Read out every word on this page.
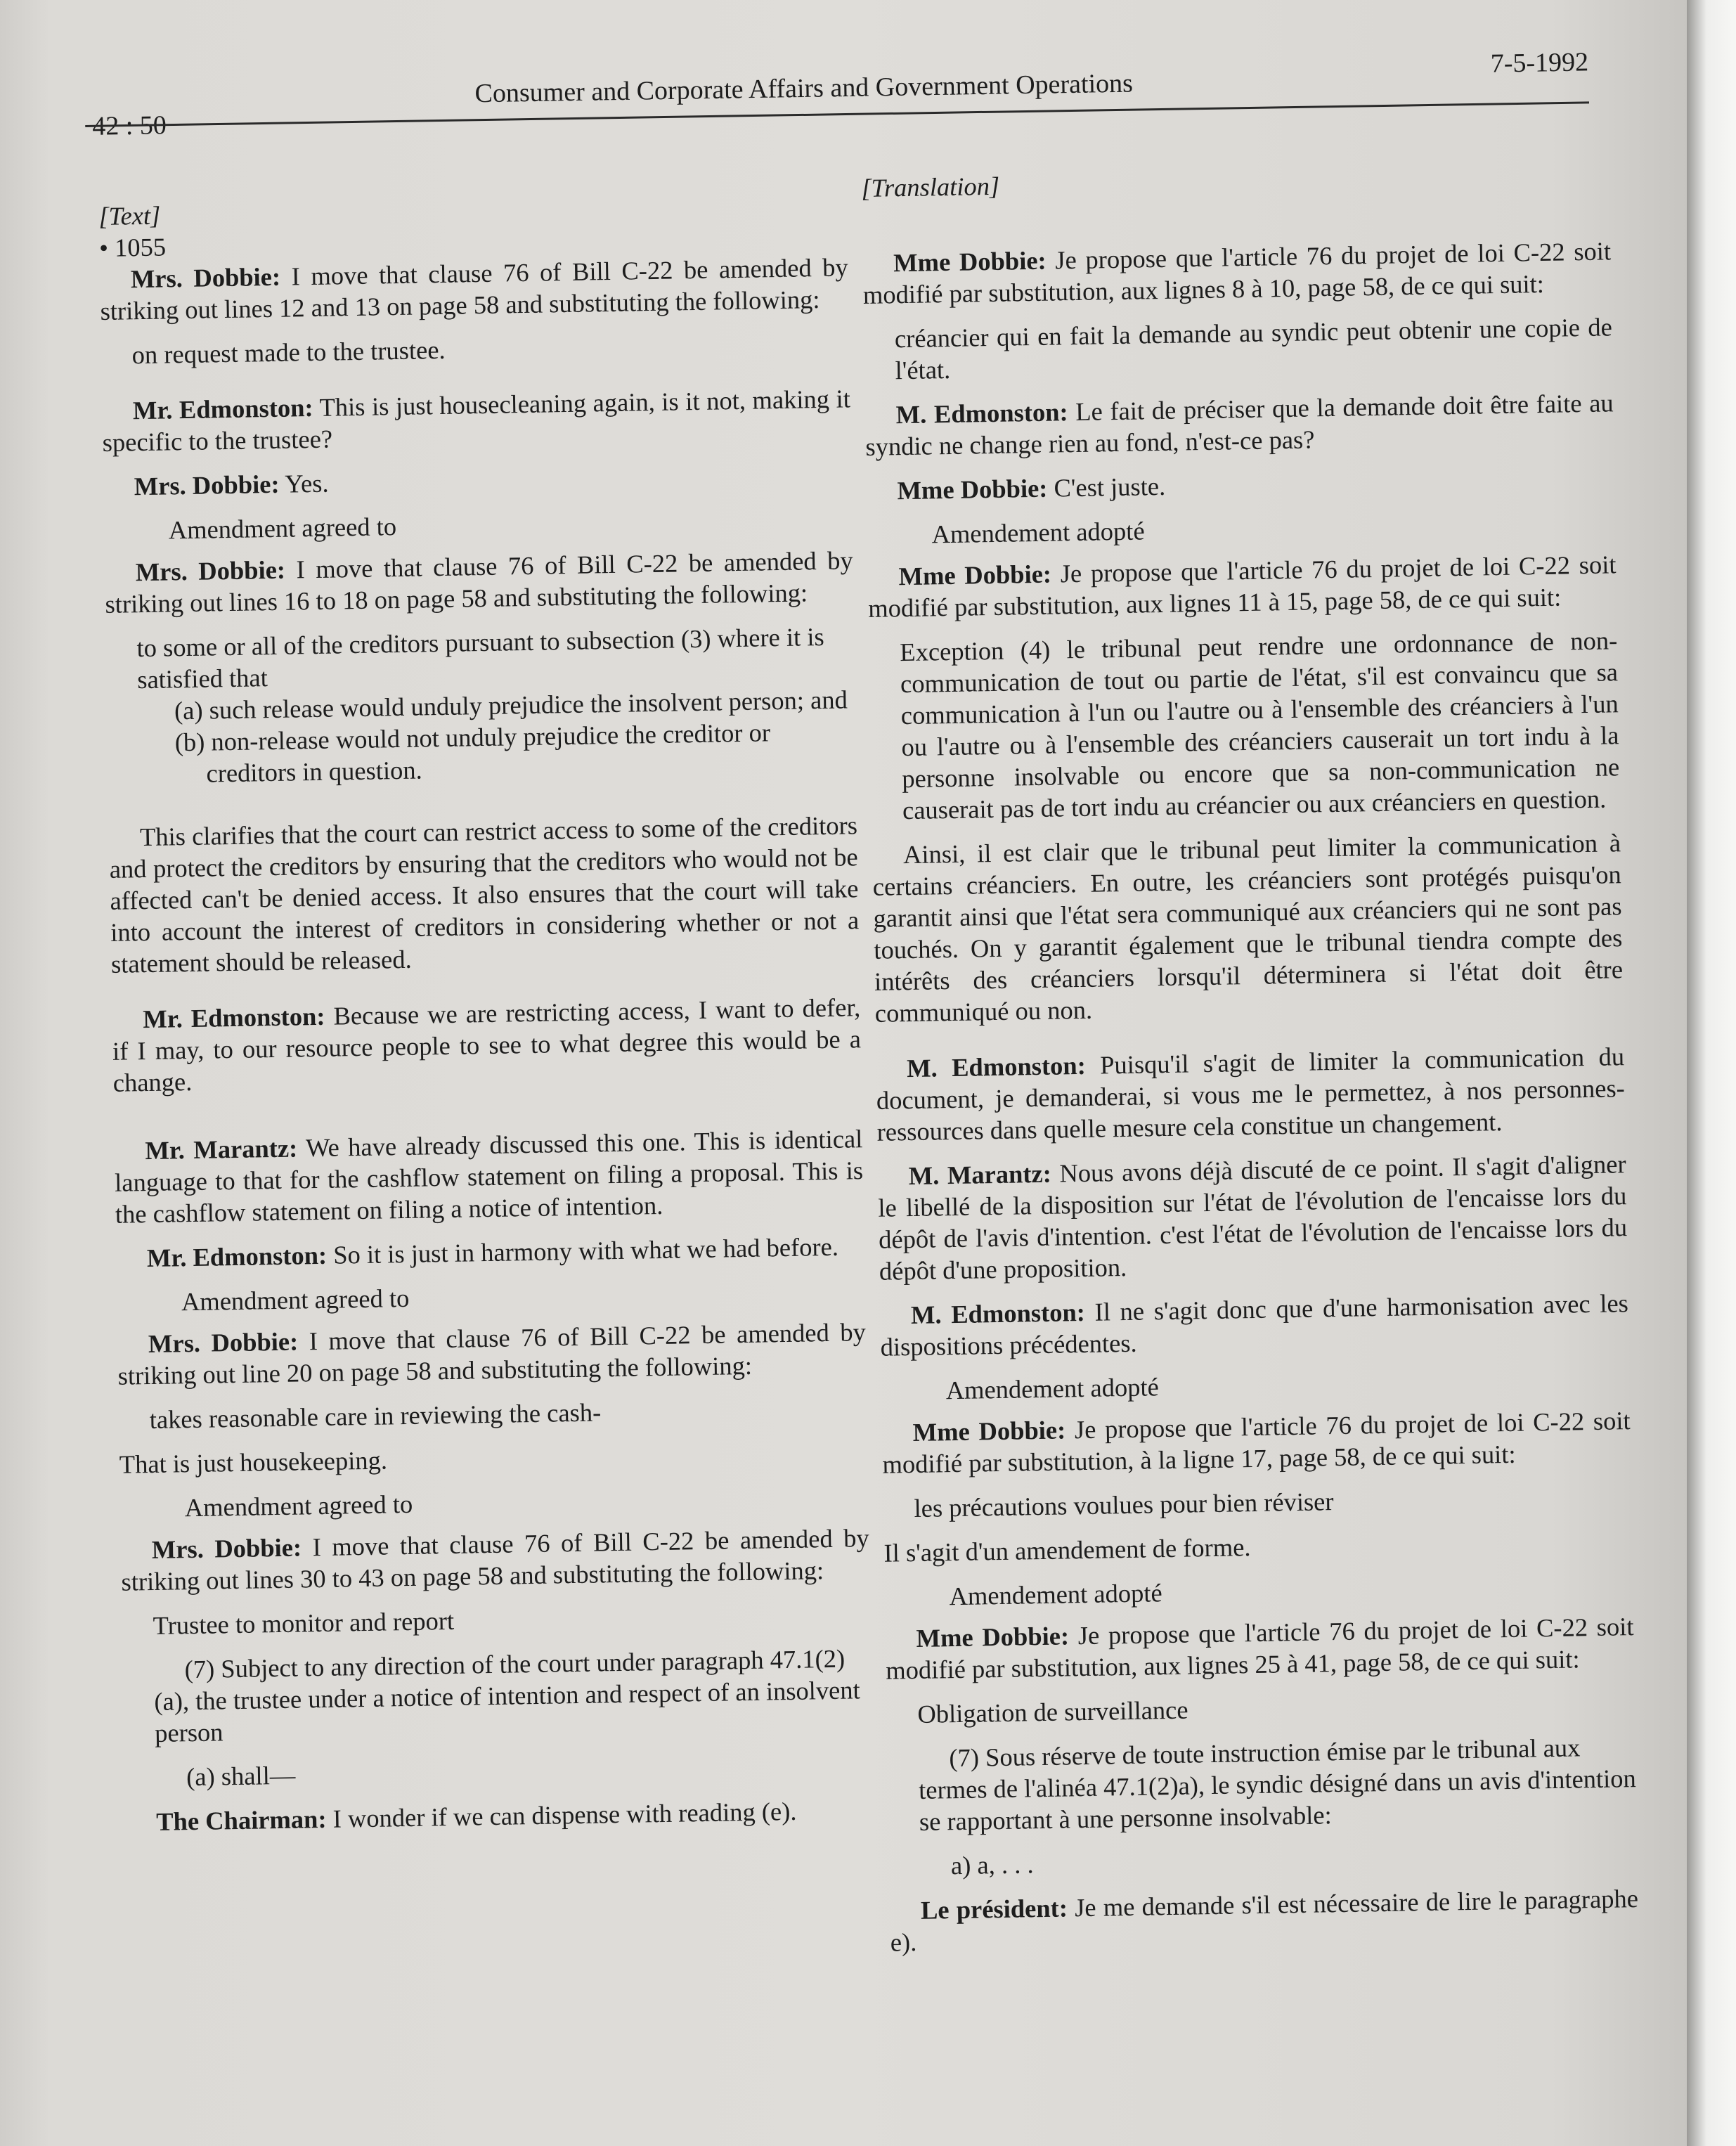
42 : 50
Consumer and Corporate Affairs and Government Operations
7-5-1992

[Text]

• 1055

Mrs. Dobbie: I move that clause 76 of Bill C-22 be amended by striking out lines 12 and 13 on page 58 and substituting the following:

on request made to the trustee.

Mr. Edmonston: This is just housecleaning again, is it not, making it specific to the trustee?

Mrs. Dobbie: Yes.

Amendment agreed to

Mrs. Dobbie: I move that clause 76 of Bill C-22 be amended by striking out lines 16 to 18 on page 58 and substituting the following:

to some or all of the creditors pursuant to subsection (3) where it is satisfied that

(a) such release would unduly prejudice the insolvent person; and

(b) non-release would not unduly prejudice the creditor or creditors in question.

This clarifies that the court can restrict access to some of the creditors and protect the creditors by ensuring that the creditors who would not be affected can't be denied access. It also ensures that the court will take into account the interest of creditors in considering whether or not a statement should be released.

Mr. Edmonston: Because we are restricting access, I want to defer, if I may, to our resource people to see to what degree this would be a change.

Mr. Marantz: We have already discussed this one. This is identical language to that for the cashflow statement on filing a proposal. This is the cashflow statement on filing a notice of intention.

Mr. Edmonston: So it is just in harmony with what we had before.

Amendment agreed to

Mrs. Dobbie: I move that clause 76 of Bill C-22 be amended by striking out line 20 on page 58 and substituting the following:

takes reasonable care in reviewing the cash-

That is just housekeeping.

Amendment agreed to

Mrs. Dobbie: I move that clause 76 of Bill C-22 be amended by striking out lines 30 to 43 on page 58 and substituting the following:

Trustee to monitor and report

(7) Subject to any direction of the court under paragraph 47.1(2)(a), the trustee under a notice of intention and respect of an insolvent person

(a) shall—

The Chairman: I wonder if we can dispense with reading (e).

[Translation]

Mme Dobbie: Je propose que l'article 76 du projet de loi C-22 soit modifié par substitution, aux lignes 8 à 10, page 58, de ce qui suit:

créancier qui en fait la demande au syndic peut obtenir une copie de l'état.

M. Edmonston: Le fait de préciser que la demande doit être faite au syndic ne change rien au fond, n'est-ce pas?

Mme Dobbie: C'est juste.

Amendement adopté

Mme Dobbie: Je propose que l'article 76 du projet de loi C-22 soit modifié par substitution, aux lignes 11 à 15, page 58, de ce qui suit:

Exception (4) le tribunal peut rendre une ordonnance de non-communication de tout ou partie de l'état, s'il est convaincu que sa communication à l'un ou l'autre ou à l'ensemble des créanciers à l'un ou l'autre ou à l'ensemble des créanciers causerait un tort indu à la personne insolvable ou encore que sa non-communication ne causerait pas de tort indu au créancier ou aux créanciers en question.

Ainsi, il est clair que le tribunal peut limiter la communication à certains créanciers. En outre, les créanciers sont protégés puisqu'on garantit ainsi que l'état sera communiqué aux créanciers qui ne sont pas touchés. On y garantit également que le tribunal tiendra compte des intérêts des créanciers lorsqu'il déterminera si l'état doit être communiqué ou non.

M. Edmonston: Puisqu'il s'agit de limiter la communication du document, je demanderai, si vous me le permettez, à nos personnes-ressources dans quelle mesure cela constitue un changement.

M. Marantz: Nous avons déjà discuté de ce point. Il s'agit d'aligner le libellé de la disposition sur l'état de l'évolution de l'encaisse lors du dépôt de l'avis d'intention. c'est l'état de l'évolution de l'encaisse lors du dépôt d'une proposition.

M. Edmonston: Il ne s'agit donc que d'une harmonisation avec les dispositions précédentes.

Amendement adopté

Mme Dobbie: Je propose que l'article 76 du projet de loi C-22 soit modifié par substitution, à la ligne 17, page 58, de ce qui suit:

les précautions voulues pour bien réviser

Il s'agit d'un amendement de forme.

Amendement adopté

Mme Dobbie: Je propose que l'article 76 du projet de loi C-22 soit modifié par substitution, aux lignes 25 à 41, page 58, de ce qui suit:

Obligation de surveillance

(7) Sous réserve de toute instruction émise par le tribunal aux termes de l'alinéa 47.1(2)a), le syndic désigné dans un avis d'intention se rapportant à une personne insolvable:

a) a, . . .

Le président: Je me demande s'il est nécessaire de lire le paragraphe e).
